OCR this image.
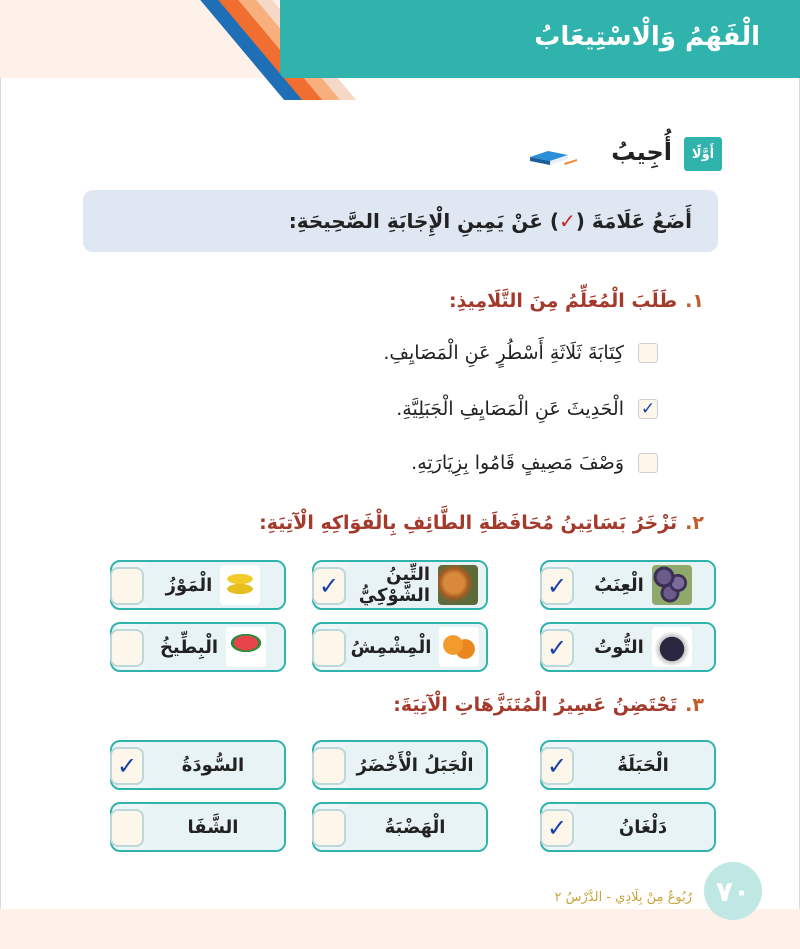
الْفَهْمُ وَالْاسْتِيعَابُ
أَوَّلًا
أُجِيبُ
أَضَعُ عَلَامَةَ (
✓
) عَنْ يَمِينِ الْإِجَابَةِ الصَّحِيحَةِ:
١.طَلَبَ الْمُعَلِّمُ مِنَ التَّلَامِيذِ:
كِتَابَةَ ثَلَاثَةِ أَسْطُرٍ عَنِ الْمَصَايِفِ.
✓
الْحَدِيثَ عَنِ الْمَصَايِفِ الْجَبَلِيَّةِ.
وَصْفَ مَصِيفٍ قَامُوا بِزِيَارَتِهِ.
٢.تَزْخَرُ بَسَاتِينُ مُحَافَظَةِ الطَّائِفِ بِالْفَوَاكِهِ الْآتِيَةِ:
الْعِنَبُ
✓
التِّينُ الشَّوْكِيُّ
✓
الْمَوْزُ
التُّوتُ
✓
الْمِشْمِشُ
الْبِطِّيخُ
٣.تَحْتَضِنُ عَسِيرُ الْمُتَنَزَّهَاتِ الْآتِيَةَ:
الْحَبَلَةُ
✓
الْجَبَلُ الْأَخْضَرُ
السُّودَةُ
✓
دَلْغَانُ
✓
الْهَضْبَةُ
الشَّفَا
٧٠
رُبُوعٌ مِنْ بِلَادِي - الدَّرْسُ ٢
